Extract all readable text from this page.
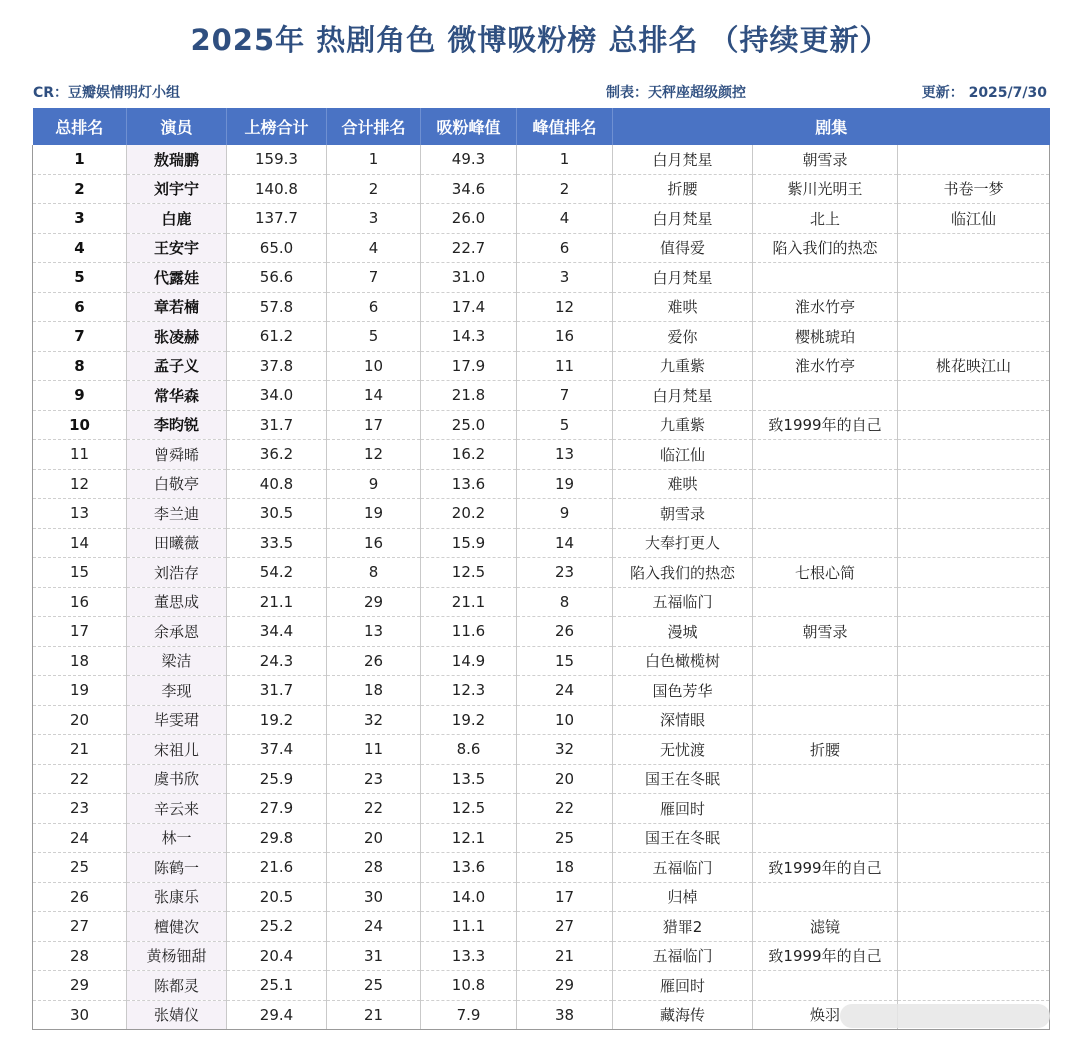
2025年 热剧角色 微博吸粉榜 总排名 （持续更新）
CR：豆瓣娱情明灯小组	制表：天秤座超级颜控	更新： 2025/7/30
总排名	演员	上榜合计	合计排名	吸粉峰值	峰值排名	剧集		
1	敖瑞鹏	159.3	1	49.3	1	白月梵星	朝雪录	
2	刘宇宁	140.8	2	34.6	2	折腰	紫川光明王	书卷一梦
3	白鹿	137.7	3	26.0	4	白月梵星	北上	临江仙
4	王安宇	65.0	4	22.7	6	值得爱	陷入我们的热恋	
5	代露娃	56.6	7	31.0	3	白月梵星		
6	章若楠	57.8	6	17.4	12	难哄	淮水竹亭	
7	张凌赫	61.2	5	14.3	16	爱你	樱桃琥珀	
8	孟子义	37.8	10	17.9	11	九重紫	淮水竹亭	桃花映江山
9	常华森	34.0	14	21.8	7	白月梵星		
10	李昀锐	31.7	17	25.0	5	九重紫	致1999年的自己	
11	曾舜晞	36.2	12	16.2	13	临江仙		
12	白敬亭	40.8	9	13.6	19	难哄		
13	李兰迪	30.5	19	20.2	9	朝雪录		
14	田曦薇	33.5	16	15.9	14	大奉打更人		
15	刘浩存	54.2	8	12.5	23	陷入我们的热恋	七根心简	
16	董思成	21.1	29	21.1	8	五福临门		
17	余承恩	34.4	13	11.6	26	漫城	朝雪录	
18	梁洁	24.3	26	14.9	15	白色橄榄树		
19	李现	31.7	18	12.3	24	国色芳华		
20	毕雯珺	19.2	32	19.2	10	深情眼		
21	宋祖儿	37.4	11	8.6	32	无忧渡	折腰	
22	虞书欣	25.9	23	13.5	20	国王在冬眠		
23	辛云来	27.9	22	12.5	22	雁回时		
24	林一	29.8	20	12.1	25	国王在冬眠		
25	陈鹤一	21.6	28	13.6	18	五福临门	致1999年的自己	
26	张康乐	20.5	30	14.0	17	归棹		
27	檀健次	25.2	24	11.1	27	猎罪2	滤镜	
28	黄杨钿甜	20.4	31	13.3	21	五福临门	致1999年的自己	
29	陈都灵	25.1	25	10.8	29	雁回时		
30	张婧仪	29.4	21	7.9	38	藏海传	焕羽	
